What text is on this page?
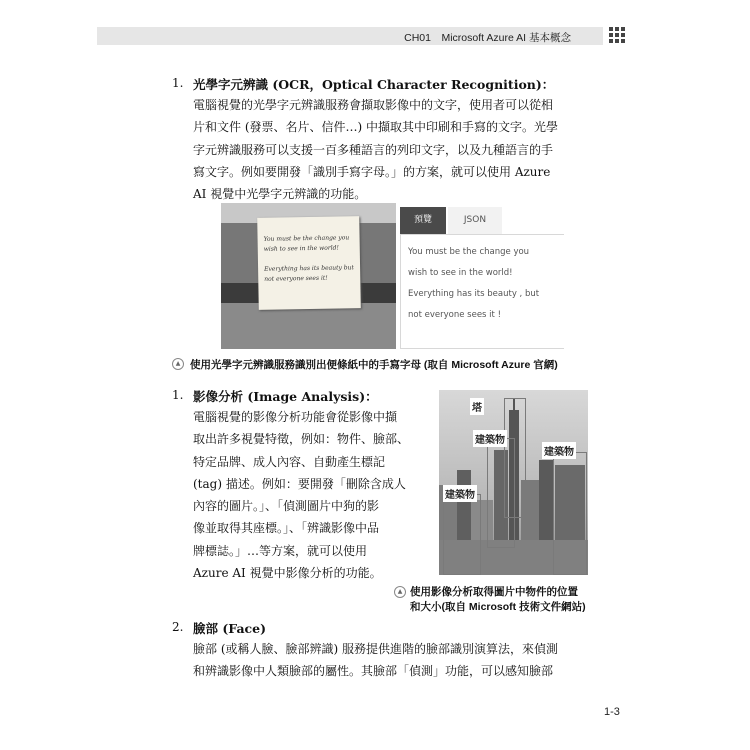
CH01　Microsoft Azure AI 基本概念
1. 光學字元辨識 (OCR，Optical Character Recognition)：
電腦視覺的光學字元辨識服務會擷取影像中的文字，使用者可以從相
片和文件 (發票、名片、信件…) 中擷取其中印刷和手寫的文字。光學
字元辨識服務可以支援一百多種語言的列印文字，以及九種語言的手
寫文字。例如要開發「識別手寫字母。」的方案，就可以使用 Azure
AI 視覺中光學字元辨識的功能。
You must be the change you
wish to see in the world!
Everything has its beauty but
not everyone sees it!
預覽	JSON
You must be the change you
wish to see in the world!
Everything has its beauty , but
not everyone sees it !
▲ 使用光學字元辨識服務識別出便條紙中的手寫字母 (取自 Microsoft Azure 官網)
1. 影像分析 (Image Analysis)：
電腦視覺的影像分析功能會從影像中擷
取出許多視覺特徵，例如：物件、臉部、
特定品牌、成人內容、自動產生標記
(tag) 描述。例如：要開發「刪除含成人
內容的圖片。」、「偵測圖片中狗的影
像並取得其座標。」、「辨識影像中品
牌標誌。」…等方案，就可以使用
Azure AI 視覺中影像分析的功能。
塔
建築物
建築物
建築物
▲ 使用影像分析取得圖片中物件的位置
和大小(取自 Microsoft 技術文件網站)
2. 臉部 (Face)
臉部 (或稱人臉、臉部辨識) 服務提供進階的臉部識別演算法，來偵測
和辨識影像中人類臉部的屬性。其臉部「偵測」功能，可以感知臉部
1-3
